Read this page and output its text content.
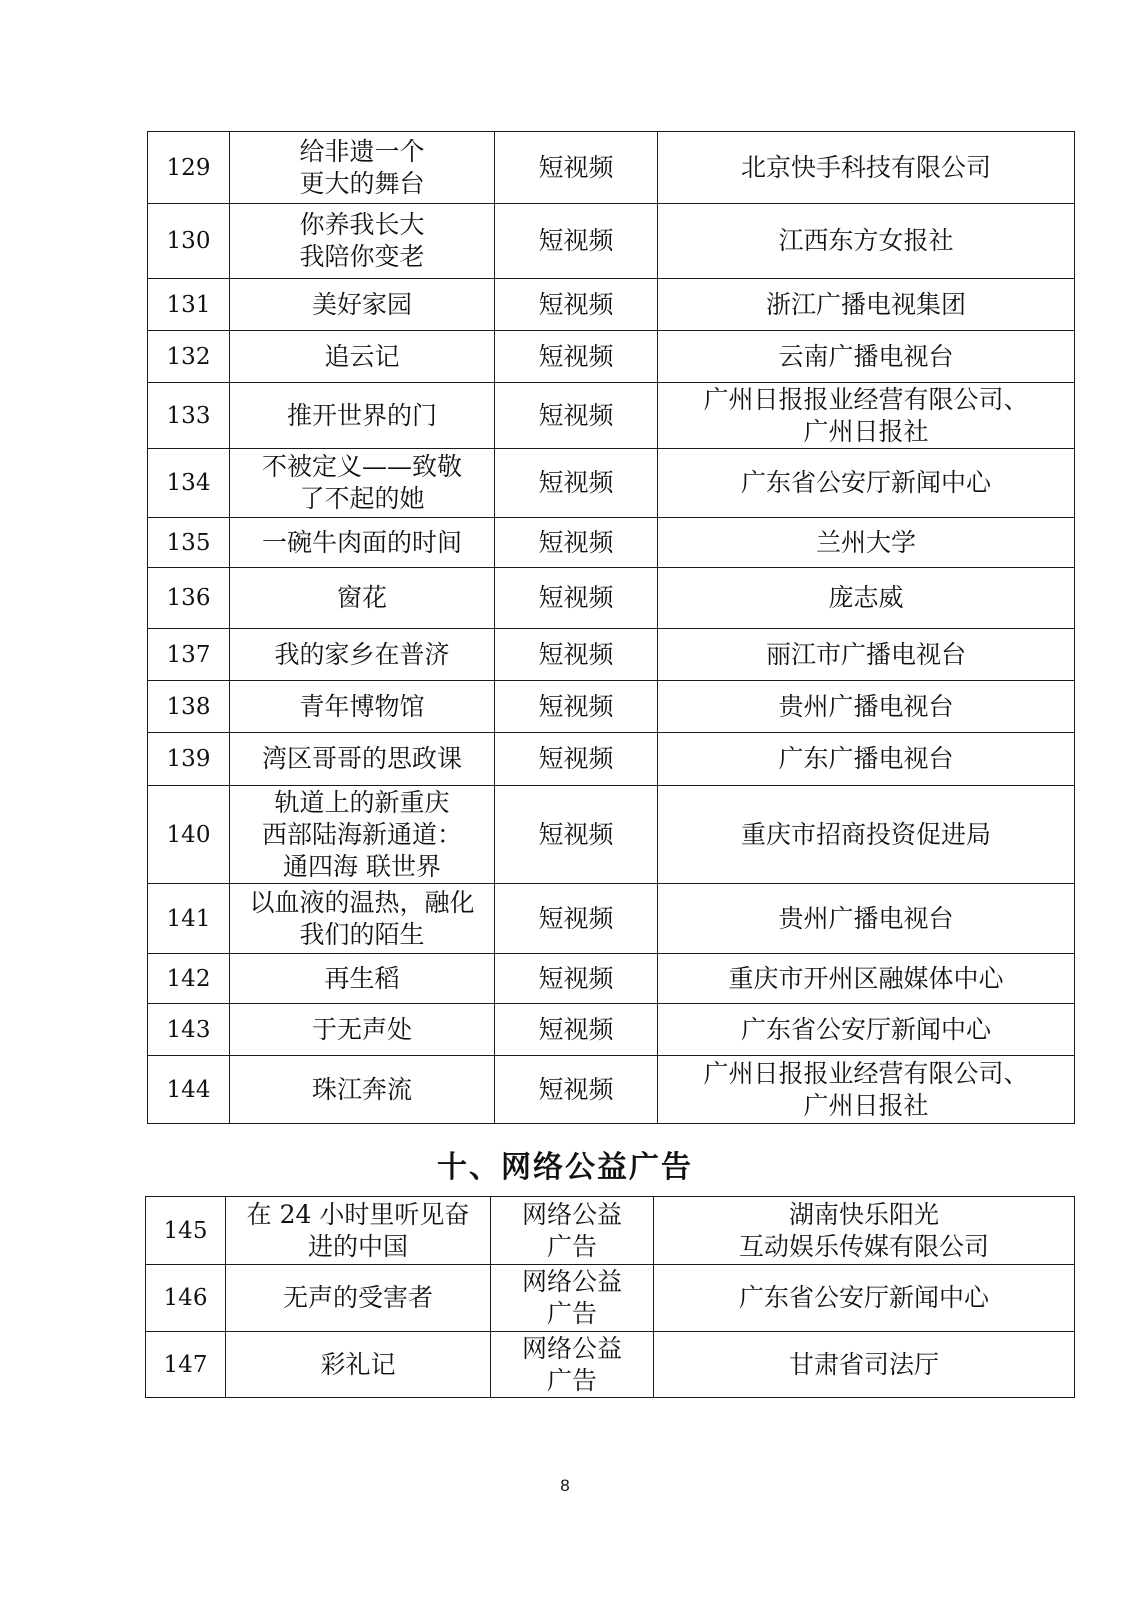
129	给非遗一个
更大的舞台	短视频	北京快手科技有限公司

130	你养我长大
我陪你变老	短视频	江西东方女报社

131	美好家园	短视频	浙江广播电视集团

132	追云记	短视频	云南广播电视台

133	推开世界的门	短视频	广州日报报业经营有限公司、
广州日报社

134	不被定义——致敬
了不起的她	短视频	广东省公安厅新闻中心

135	一碗牛肉面的时间	短视频	兰州大学

136	窗花	短视频	庞志威

137	我的家乡在普济	短视频	丽江市广播电视台

138	青年博物馆	短视频	贵州广播电视台

139	湾区哥哥的思政课	短视频	广东广播电视台

140	轨道上的新重庆
西部陆海新通道：
通四海 联世界	短视频	重庆市招商投资促进局

141	以血液的温热，融化
我们的陌生	短视频	贵州广播电视台

142	再生稻	短视频	重庆市开州区融媒体中心

143	于无声处	短视频	广东省公安厅新闻中心

144	珠江奔流	短视频	广州日报报业经营有限公司、
广州日报社
十、网络公益广告
145	在 24 小时里听见奋
进的中国	网络公益
广告	湖南快乐阳光
互动娱乐传媒有限公司

146	无声的受害者	网络公益
广告	广东省公安厅新闻中心

147	彩礼记	网络公益
广告	甘肃省司法厅
8
